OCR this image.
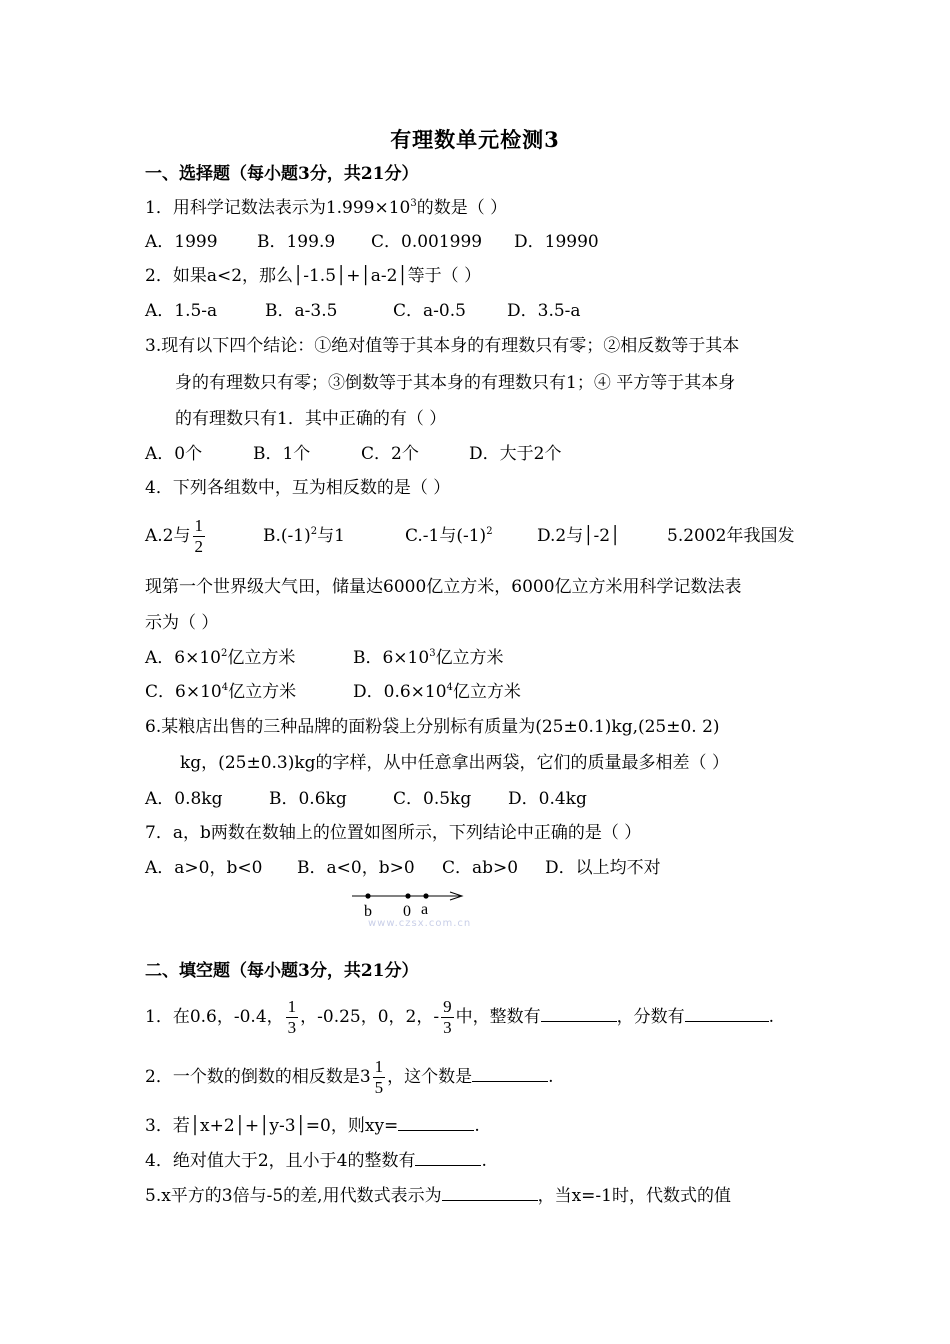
有理数单元检测3
一、选择题（每小题3分，共21分）
1．用科学记数法表示为$1.999\times 10^3$的数是（ ）
A．1999 B．199.9 C．0.001999 D．19990
2．如果a<2，那么│-1.5│+│a-2│等于（ ）
A．1.5-a	B．a-3.5	C．a-0.5 D．3.5-a
3.现有以下四个结论：①绝对值等于其本身的有理数只有零；②相反数等于其本
身的有理数只有零；③倒数等于其本身的有理数只有1；④ 平方等于其本身
的有理数只有1．其中正确的有（ ）
A．0个	B．1个	C．2个	D．大于2个
4．下列各组数中，互为相反数的是（ ）
A.2与 $\frac{1}{2}$	$B.(-1)^2$与1	C.-1与$(-1)^2$	D.2与│-2│	5.2002年我国发
现第一个世界级大气田，储量达6000亿立方米，6000亿立方米用科学记数法表
示为（ ）
A．$6\times 10^2$亿立方米	B．$6\times 10^3$亿立方米
C．$6\times 10^4$亿立方米	D．$0.6\times 10^4$亿立方米
6.某粮店出售的三种品牌的面粉袋上分别标有质量为(25±0.1)kg,(25±0. 2)
kg，(25±0.3)kg的字样，从中任意拿出两袋，它们的质量最多相差（ ）
A．0.8kg	B．0.6kg	C．0.5kg D．0.4kg
7．a，b两数在数轴上的位置如图所示，下列结论中正确的是（ ）
A．a>0，b<0 B．a<0，b>0 C．ab>0 D．以上均不对
b 0 a
www.czsx.com.cn
二、填空题（每小题3分，共21分）
1．在0.6，-0.4， $\frac{1}{3}$ ，-0.25，0，2，- $\frac{9}{3}$ 中，整数有	，分数有	.
2．一个数的倒数的相反数是$3 \frac{1}{5}$ ，这个数是	.
3．若│x+2│+│y-3│=0，则xy=	.
4．绝对值大于2，且小于4的整数有	.
5.x平方的3倍与-5的差,用代数式表示为	，当x=-1时，代数式的值
